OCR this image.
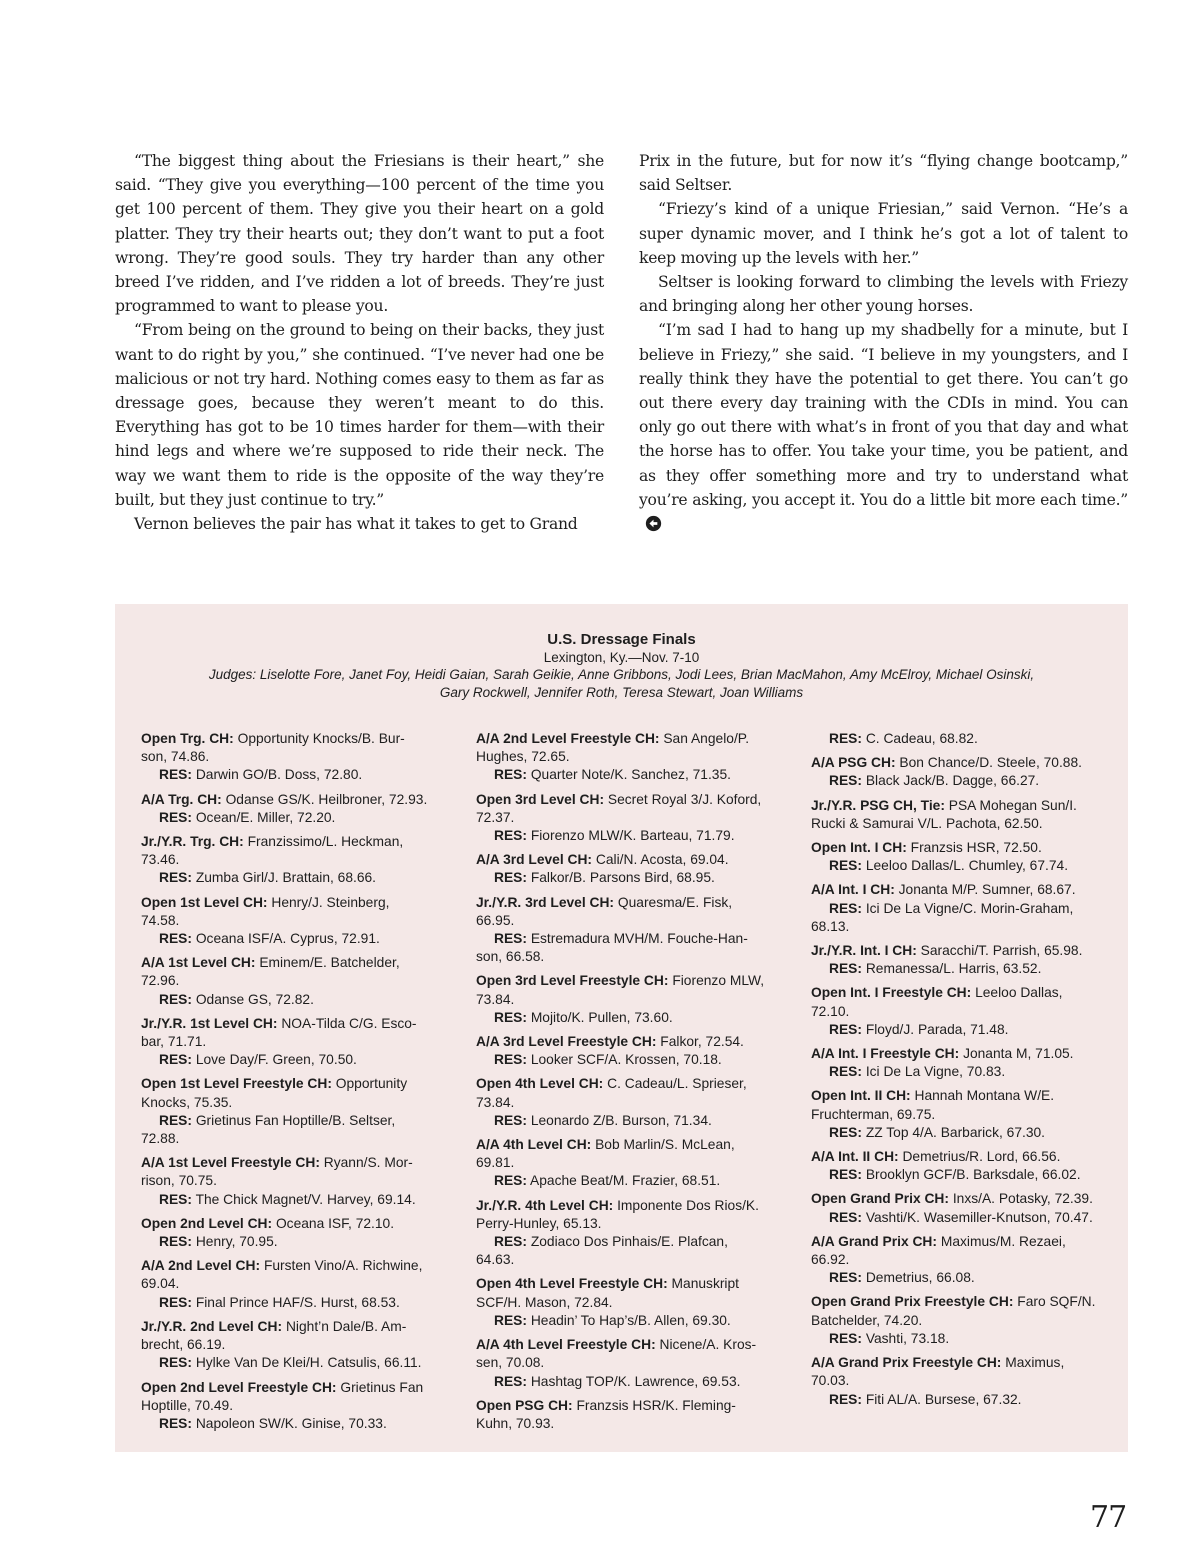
“The biggest thing about the Friesians is their heart,” she said. “They give you everything—100 percent of the time you get 100 percent of them. They give you their heart on a gold platter. They try their hearts out; they don’t want to put a foot wrong. They’re good souls. They try harder than any other breed I’ve ridden, and I’ve ridden a lot of breeds. They’re just programmed to want to please you.

“From being on the ground to being on their backs, they just want to do right by you,” she continued. “I’ve never had one be malicious or not try hard. Nothing comes easy to them as far as dressage goes, because they weren’t meant to do this. Everything has got to be 10 times harder for them—with their hind legs and where we’re supposed to ride their neck. The way we want them to ride is the opposite of the way they’re built, but they just continue to try.”

Vernon believes the pair has what it takes to get to Grand

Prix in the future, but for now it’s “flying change bootcamp,” said Seltser.

“Friezy’s kind of a unique Friesian,” said Vernon. “He’s a super dynamic mover, and I think he’s got a lot of talent to keep moving up the levels with her.”

Seltser is looking forward to climbing the levels with Friezy and bringing along her other young horses.

“I’m sad I had to hang up my shadbelly for a minute, but I believe in Friezy,” she said. “I believe in my youngsters, and I really think they have the potential to get there. You can’t go out there every day training with the CDIs in mind. You can only go out there with what’s in front of you that day and what the horse has to offer. You take your time, you be patient, and as they offer something more and try to understand what you’re asking, you accept it. You do a little bit more each time.”

U.S. Dressage Finals
Lexington, Ky.—Nov. 7-10
Judges: Liselotte Fore, Janet Foy, Heidi Gaian, Sarah Geikie, Anne Gribbons, Jodi Lees, Brian MacMahon, Amy McElroy, Michael Osinski, Gary Rockwell, Jennifer Roth, Teresa Stewart, Joan Williams
Open Trg. CH: Opportunity Knocks/B. Bur-
son, 74.86.
RES: Darwin GO/B. Doss, 72.80.
A/A Trg. CH: Odanse GS/K. Heilbroner, 72.93.
RES: Ocean/E. Miller, 72.20.
Jr./Y.R. Trg. CH: Franzissimo/L. Heckman,
73.46.
RES: Zumba Girl/J. Brattain, 68.66.
Open 1st Level CH: Henry/J. Steinberg, 74.58.
RES: Oceana ISF/A. Cyprus, 72.91.
A/A 1st Level CH: Eminem/E. Batchelder,
72.96.
RES: Odanse GS, 72.82.
Jr./Y.R. 1st Level CH: NOA-Tilda C/G. Esco-
bar, 71.71.
RES: Love Day/F. Green, 70.50.
Open 1st Level Freestyle CH: Opportunity
Knocks, 75.35.
RES: Grietinus Fan Hoptille/B. Seltser,
72.88.
A/A 1st Level Freestyle CH: Ryann/S. Mor-
rison, 70.75.
RES: The Chick Magnet/V. Harvey, 69.14.
Open 2nd Level CH: Oceana ISF, 72.10.
RES: Henry, 70.95.
A/A 2nd Level CH: Fursten Vino/A. Richwine,
69.04.
RES: Final Prince HAF/S. Hurst, 68.53.
Jr./Y.R. 2nd Level CH: Night’n Dale/B. Am-
brecht, 66.19.
RES: Hylke Van De Klei/H. Catsulis, 66.11.
Open 2nd Level Freestyle CH: Grietinus Fan
Hoptille, 70.49.
RES: Napoleon SW/K. Ginise, 70.33.
A/A 2nd Level Freestyle CH: San Angelo/P.
Hughes, 72.65.
RES: Quarter Note/K. Sanchez, 71.35.
Open 3rd Level CH: Secret Royal 3/J. Koford,
72.37.
RES: Fiorenzo MLW/K. Barteau, 71.79.
A/A 3rd Level CH: Cali/N. Acosta, 69.04.
RES: Falkor/B. Parsons Bird, 68.95.
Jr./Y.R. 3rd Level CH: Quaresma/E. Fisk,
66.95.
RES: Estremadura MVH/M. Fouche-Han-
son, 66.58.
Open 3rd Level Freestyle CH: Fiorenzo MLW,
73.84.
RES: Mojito/K. Pullen, 73.60.
A/A 3rd Level Freestyle CH: Falkor, 72.54.
RES: Looker SCF/A. Krossen, 70.18.
Open 4th Level CH: C. Cadeau/L. Sprieser,
73.84.
RES: Leonardo Z/B. Burson, 71.34.
A/A 4th Level CH: Bob Marlin/S. McLean,
69.81.
RES: Apache Beat/M. Frazier, 68.51.
Jr./Y.R. 4th Level CH: Imponente Dos Rios/K.
Perry-Hunley, 65.13.
RES: Zodiaco Dos Pinhais/E. Plafcan,
64.63.
Open 4th Level Freestyle CH: Manuskript
SCF/H. Mason, 72.84.
RES: Headin’ To Hap’s/B. Allen, 69.30.
A/A 4th Level Freestyle CH: Nicene/A. Kros-
sen, 70.08.
RES: Hashtag TOP/K. Lawrence, 69.53.
Open PSG CH: Franzsis HSR/K. Fleming-
Kuhn, 70.93.
RES: C. Cadeau, 68.82.
A/A PSG CH: Bon Chance/D. Steele, 70.88.
RES: Black Jack/B. Dagge, 66.27.
Jr./Y.R. PSG CH, Tie: PSA Mohegan Sun/I.
Rucki & Samurai V/L. Pachota, 62.50.
Open Int. I CH: Franzsis HSR, 72.50.
RES: Leeloo Dallas/L. Chumley, 67.74.
A/A Int. I CH: Jonanta M/P. Sumner, 68.67.
RES: Ici De La Vigne/C. Morin-Graham,
68.13.
Jr./Y.R. Int. I CH: Saracchi/T. Parrish, 65.98.
RES: Remanessa/L. Harris, 63.52.
Open Int. I Freestyle CH: Leeloo Dallas, 72.10.
RES: Floyd/J. Parada, 71.48.
A/A Int. I Freestyle CH: Jonanta M, 71.05.
RES: Ici De La Vigne, 70.83.
Open Int. II CH: Hannah Montana W/E.
Fruchterman, 69.75.
RES: ZZ Top 4/A. Barbarick, 67.30.
A/A Int. II CH: Demetrius/R. Lord, 66.56.
RES: Brooklyn GCF/B. Barksdale, 66.02.
Open Grand Prix CH: Inxs/A. Potasky, 72.39.
RES: Vashti/K. Wasemiller-Knutson, 70.47.
A/A Grand Prix CH: Maximus/M. Rezaei,
66.92.
RES: Demetrius, 66.08.
Open Grand Prix Freestyle CH: Faro SQF/N.
Batchelder, 74.20.
RES: Vashti, 73.18.
A/A Grand Prix Freestyle CH: Maximus,
70.03.
RES: Fiti AL/A. Bursese, 67.32.
77
